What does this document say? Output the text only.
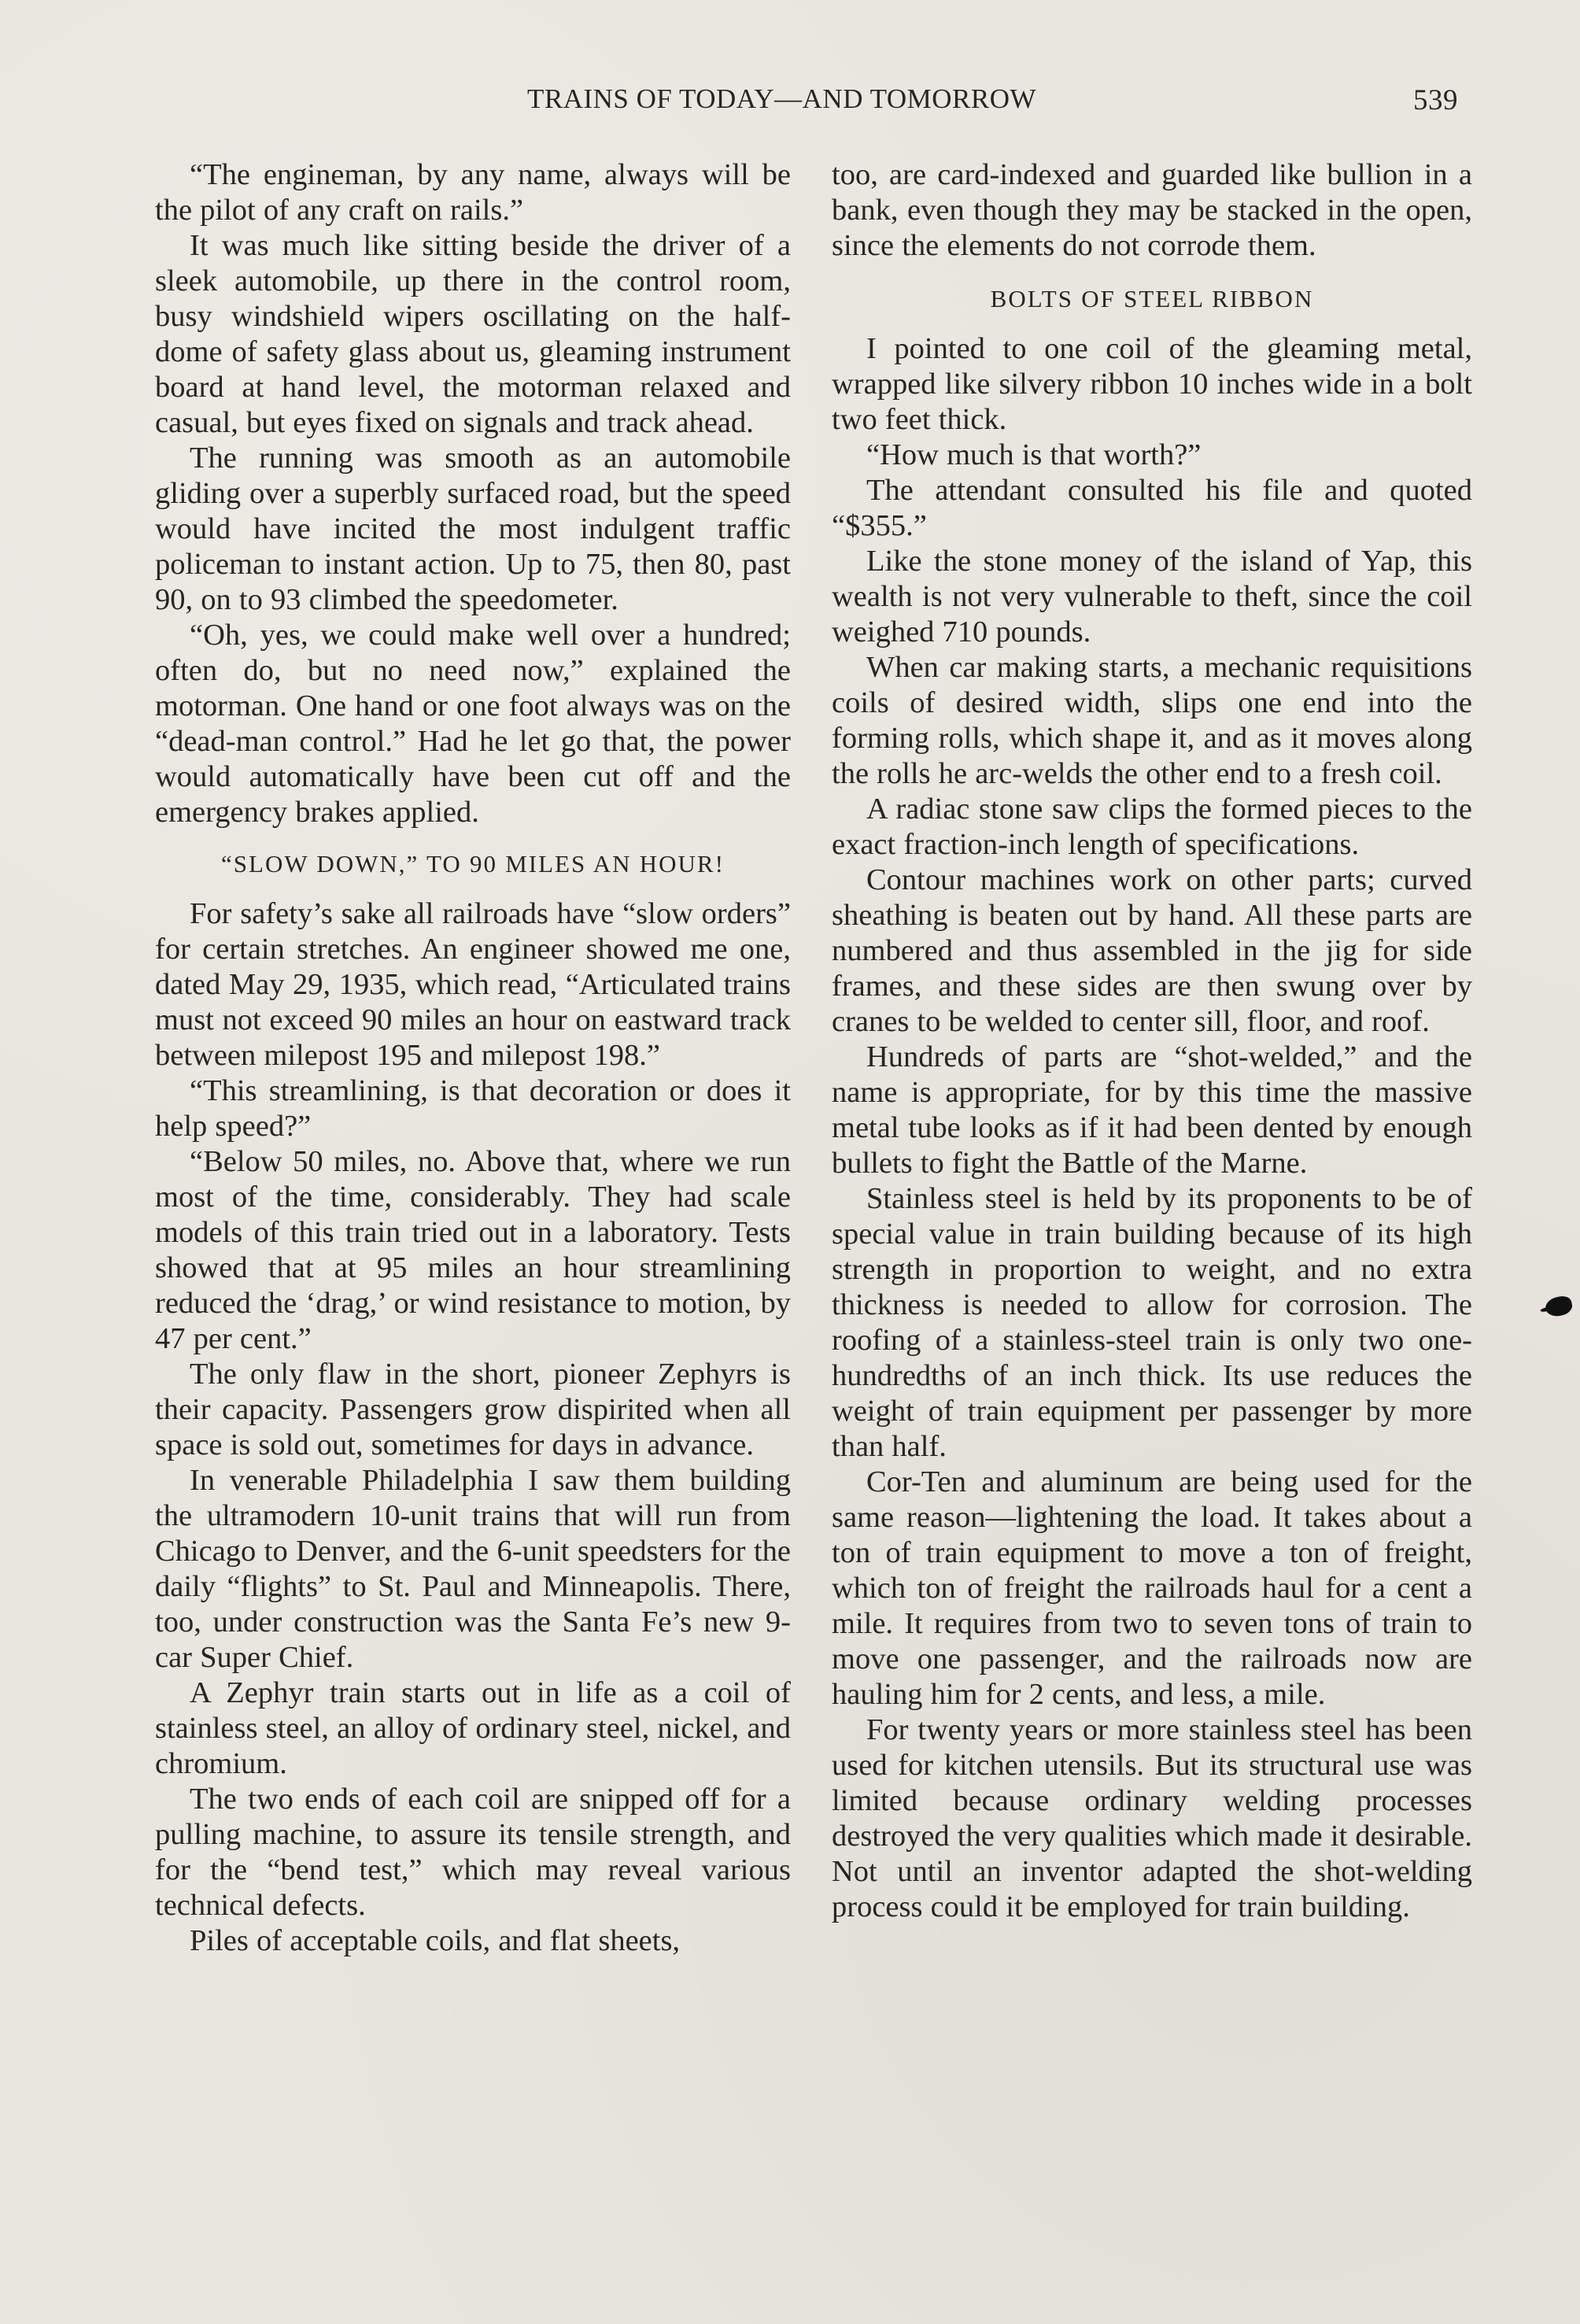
TRAINS OF TODAY—AND TOMORROW	539

“The engineman, by any name, always will be the pilot of any craft on rails.”

It was much like sitting beside the driver of a sleek automobile, up there in the control room, busy windshield wipers oscillating on the half-dome of safety glass about us, gleaming instrument board at hand level, the motorman relaxed and casual, but eyes fixed on signals and track ahead.

The running was smooth as an automobile gliding over a superbly surfaced road, but the speed would have incited the most indulgent traffic policeman to instant action. Up to 75, then 80, past 90, on to 93 climbed the speedometer.

“Oh, yes, we could make well over a hundred; often do, but no need now,” explained the motorman. One hand or one foot always was on the “dead-man control.” Had he let go that, the power would automatically have been cut off and the emergency brakes applied.

“SLOW DOWN,” TO 90 MILES AN HOUR!

For safety’s sake all railroads have “slow orders” for certain stretches. An engineer showed me one, dated May 29, 1935, which read, “Articulated trains must not exceed 90 miles an hour on eastward track between milepost 195 and milepost 198.”

“This streamlining, is that decoration or does it help speed?”

“Below 50 miles, no. Above that, where we run most of the time, considerably. They had scale models of this train tried out in a laboratory. Tests showed that at 95 miles an hour streamlining reduced the ‘drag,’ or wind resistance to motion, by 47 per cent.”

The only flaw in the short, pioneer Zephyrs is their capacity. Passengers grow dispirited when all space is sold out, sometimes for days in advance.

In venerable Philadelphia I saw them building the ultramodern 10-unit trains that will run from Chicago to Denver, and the 6-unit speedsters for the daily “flights” to St. Paul and Minneapolis. There, too, under construction was the Santa Fe’s new 9-car Super Chief.

A Zephyr train starts out in life as a coil of stainless steel, an alloy of ordinary steel, nickel, and chromium.

The two ends of each coil are snipped off for a pulling machine, to assure its tensile strength, and for the “bend test,” which may reveal various technical defects.

Piles of acceptable coils, and flat sheets,

too, are card-indexed and guarded like bullion in a bank, even though they may be stacked in the open, since the elements do not corrode them.

BOLTS OF STEEL RIBBON

I pointed to one coil of the gleaming metal, wrapped like silvery ribbon 10 inches wide in a bolt two feet thick.

“How much is that worth?”

The attendant consulted his file and quoted “$355.”

Like the stone money of the island of Yap, this wealth is not very vulnerable to theft, since the coil weighed 710 pounds.

When car making starts, a mechanic requisitions coils of desired width, slips one end into the forming rolls, which shape it, and as it moves along the rolls he arc-welds the other end to a fresh coil.

A radiac stone saw clips the formed pieces to the exact fraction-inch length of specifications.

Contour machines work on other parts; curved sheathing is beaten out by hand. All these parts are numbered and thus assembled in the jig for side frames, and these sides are then swung over by cranes to be welded to center sill, floor, and roof.

Hundreds of parts are “shot-welded,” and the name is appropriate, for by this time the massive metal tube looks as if it had been dented by enough bullets to fight the Battle of the Marne.

Stainless steel is held by its proponents to be of special value in train building because of its high strength in proportion to weight, and no extra thickness is needed to allow for corrosion. The roofing of a stainless-steel train is only two one-hundredths of an inch thick. Its use reduces the weight of train equipment per passenger by more than half.

Cor-Ten and aluminum are being used for the same reason—lightening the load. It takes about a ton of train equipment to move a ton of freight, which ton of freight the railroads haul for a cent a mile. It requires from two to seven tons of train to move one passenger, and the railroads now are hauling him for 2 cents, and less, a mile.

For twenty years or more stainless steel has been used for kitchen utensils. But its structural use was limited because ordinary welding processes destroyed the very qualities which made it desirable. Not until an inventor adapted the shot-welding process could it be employed for train building.
